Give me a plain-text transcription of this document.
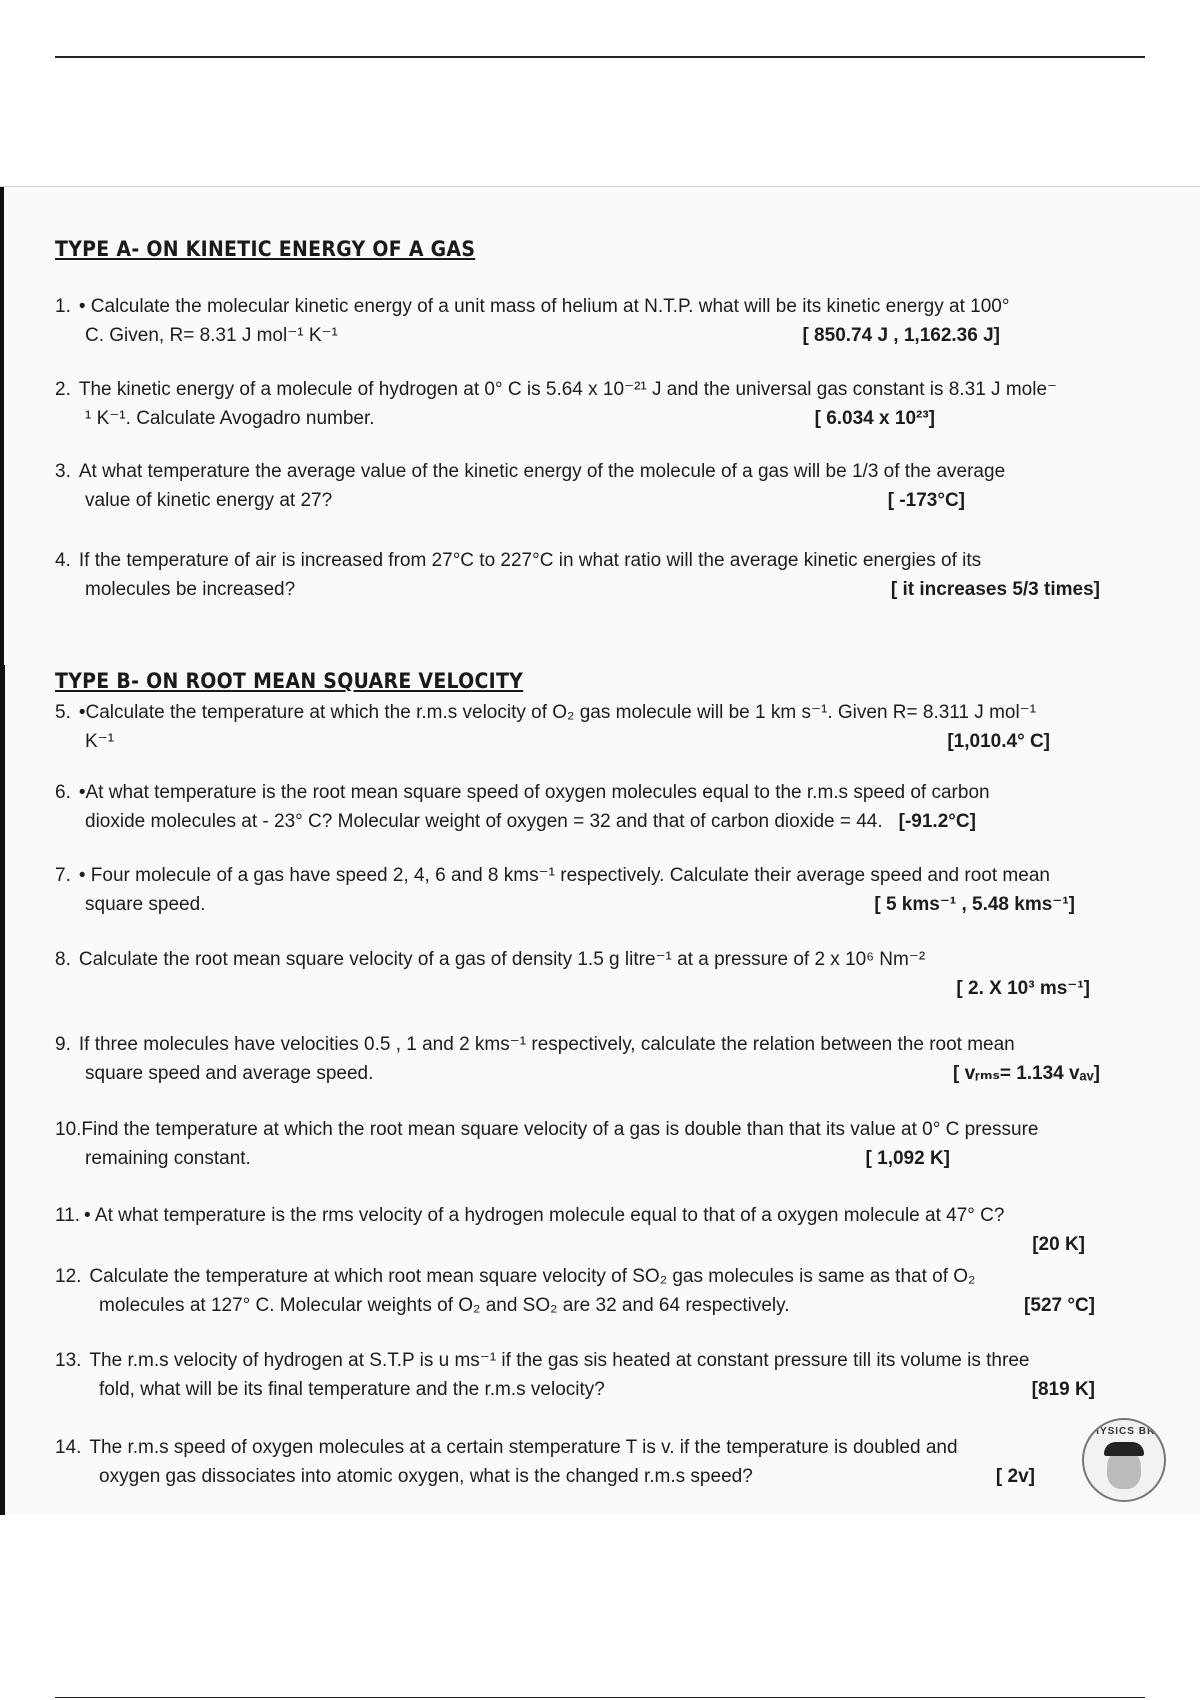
TYPE A- ON KINETIC ENERGY OF A GAS
1. • Calculate the molecular kinetic energy of a unit mass of helium at N.T.P. what will be its kinetic energy at 100°
C. Given, R= 8.31 J mol⁻¹ K⁻¹	[ 850.74 J , 1,162.36 J]
2. The kinetic energy of a molecule of hydrogen at 0° C is 5.64 x 10⁻²¹ J and the universal gas constant is 8.31 J mole⁻
¹ K⁻¹. Calculate Avogadro number.	[ 6.034 x 10²³]
3. At what temperature the average value of the kinetic energy of the molecule of a gas will be 1/3 of the average
value of kinetic energy at 27?	[ -173°C]
4. If the temperature of air is increased from 27°C to 227°C in what ratio will the average kinetic energies of its
molecules be increased?	[ it increases 5/3 times]
TYPE B- ON ROOT MEAN SQUARE VELOCITY
5. •Calculate the temperature at which the r.m.s velocity of O₂ gas molecule will be 1 km s⁻¹. Given R= 8.311 J mol⁻¹
K⁻¹	[1,010.4° C]
6. •At what temperature is the root mean square speed of oxygen molecules equal to the r.m.s speed of carbon
dioxide molecules at - 23° C? Molecular weight of oxygen = 32 and that of carbon dioxide = 44. [-91.2°C]
7. • Four molecule of a gas have speed 2, 4, 6 and 8 kms⁻¹ respectively. Calculate their average speed and root mean
square speed.	[ 5 kms⁻¹ , 5.48 kms⁻¹]
8. Calculate the root mean square velocity of a gas of density 1.5 g litre⁻¹ at a pressure of 2 x 10⁶ Nm⁻²
[ 2. X 10³ ms⁻¹]
9. If three molecules have velocities 0.5 , 1 and 2 kms⁻¹ respectively, calculate the relation between the root mean
square speed and average speed.	[ vᵣₘₛ= 1.134 vₐᵥ]
10.Find the temperature at which the root mean square velocity of a gas is double than that its value at 0° C pressure
remaining constant.	[ 1,092 K]
11. • At what temperature is the rms velocity of a hydrogen molecule equal to that of a oxygen molecule at 47° C?
[20 K]
12. Calculate the temperature at which root mean square velocity of SO₂ gas molecules is same as that of O₂
molecules at 127° C. Molecular weights of O₂ and SO₂ are 32 and 64 respectively.	[527 °C]
13. The r.m.s velocity of hydrogen at S.T.P is u ms⁻¹ if the gas sis heated at constant pressure till its volume is three
fold, what will be its final temperature and the r.m.s velocity?	[819 K]
14. The r.m.s speed of oxygen molecules at a certain stemperature T is v. if the temperature is doubled and
oxygen gas dissociates into atomic oxygen, what is the changed r.m.s speed?	[ 2v]
PHYSICS BRO
